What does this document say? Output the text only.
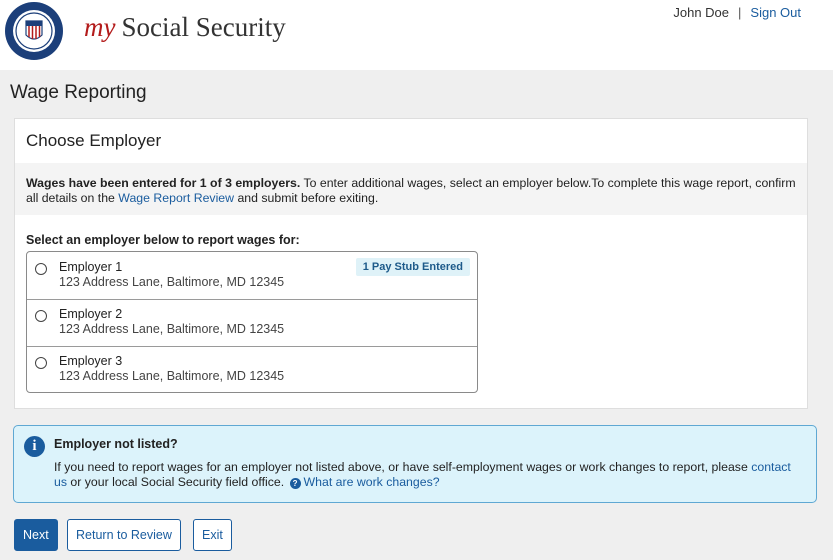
my Social Security	John Doe | Sign Out
Wage Reporting
Choose Employer
Wages have been entered for 1 of 3 employers. To enter additional wages, select an employer below.To complete this wage report, confirm all details on the Wage Report Review and submit before exiting.
Select an employer below to report wages for:
Employer 1
123 Address Lane, Baltimore, MD 12345
1 Pay Stub Entered
Employer 2
123 Address Lane, Baltimore, MD 12345
Employer 3
123 Address Lane, Baltimore, MD 12345
i	Employer not listed?
If you need to report wages for an employer not listed above, or have self-employment wages or work changes to report, please contact us or your local Social Security field office. ? What are work changes?
Next	Return to Review	Exit
